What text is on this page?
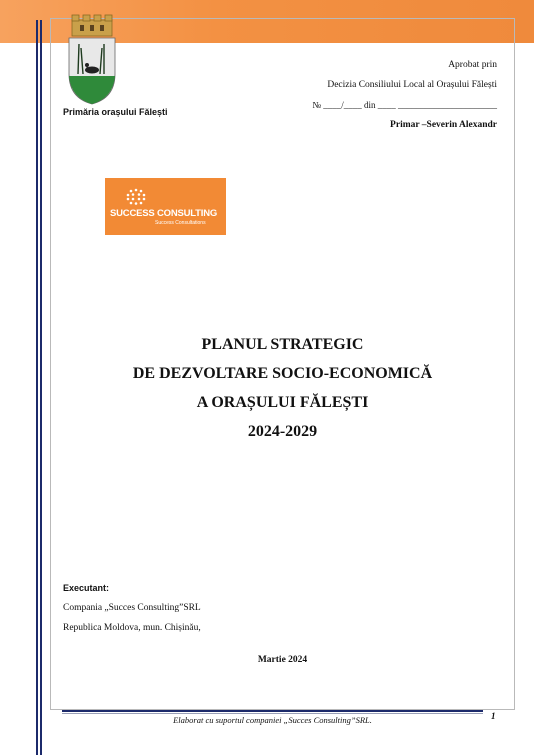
Primăria orașului Fălești
Aprobat prin
Decizia Consiliului Local al Orașului Fălești
№ ____/____ din ____ ______________________
Primar –Severin Alexandr
SUCCESS CONSULTING
Success Consultations
PLANUL STRATEGIC
DE DEZVOLTARE SOCIO-ECONOMICĂ
A ORAȘULUI FĂLEȘTI
2024-2029
Executant:
Compania „Succes Consulting”SRL
Republica Moldova, mun. Chișinău,
Martie 2024
Elaborat cu suportul companiei „Succes Consulting”SRL.	1
